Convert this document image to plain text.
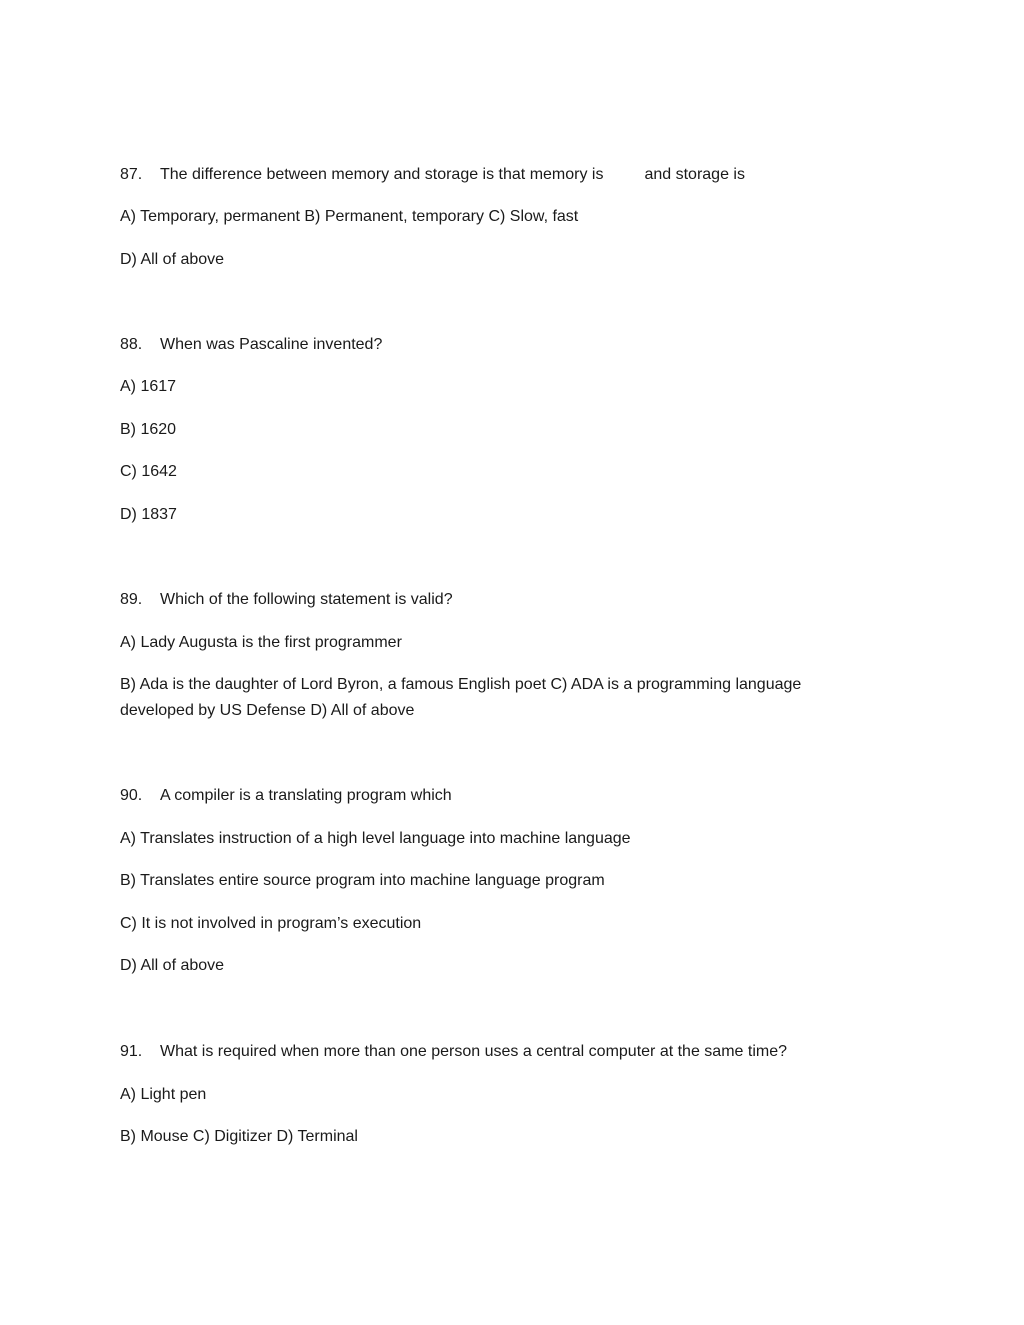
87. The difference between memory and storage is that memory is	and storage is
A) Temporary, permanent B) Permanent, temporary C) Slow, fast
D) All of above
88. When was Pascaline invented?
A) 1617
B) 1620
C) 1642
D) 1837
89. Which of the following statement is valid?
A) Lady Augusta is the first programmer
B) Ada is the daughter of Lord Byron, a famous English poet C) ADA is a programming language developed by US Defense D) All of above
90. A compiler is a translating program which
A) Translates instruction of a high level language into machine language
B) Translates entire source program into machine language program
C) It is not involved in program’s execution
D) All of above
91. What is required when more than one person uses a central computer at the same time?
A) Light pen
B) Mouse C) Digitizer D) Terminal
